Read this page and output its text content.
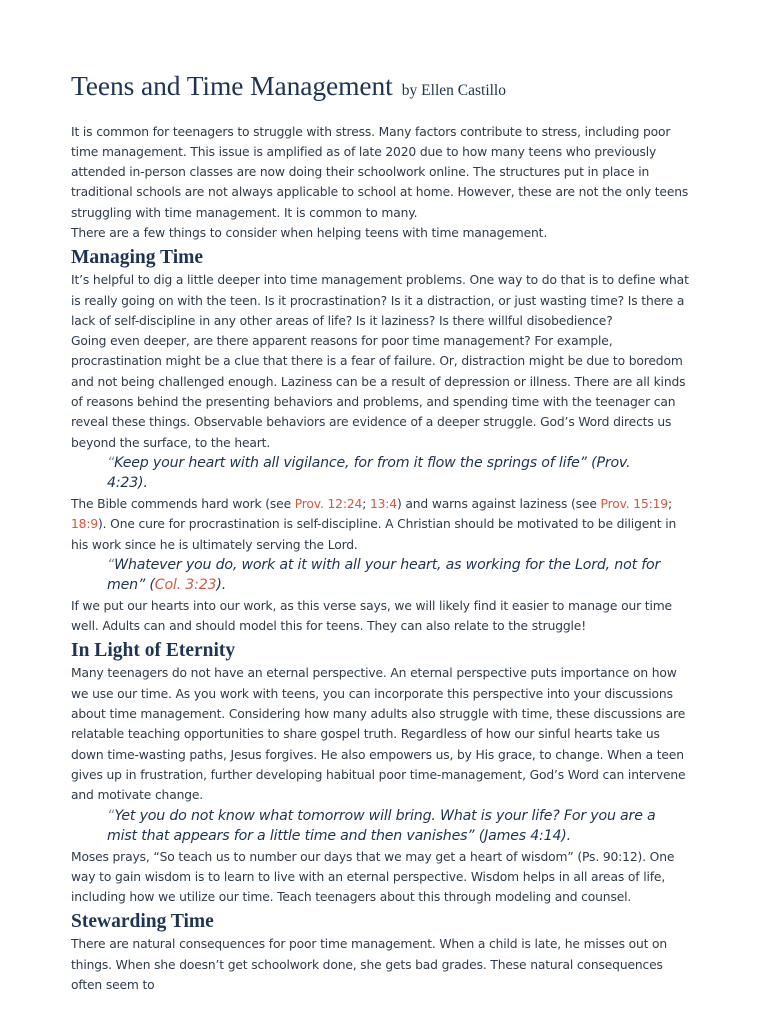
Teens and Time Management by Ellen Castillo

It is common for teenagers to struggle with stress. Many factors contribute to stress, including poor time management. This issue is amplified as of late 2020 due to how many teens who previously attended in-person classes are now doing their schoolwork online. The structures put in place in traditional schools are not always applicable to school at home. However, these are not the only teens struggling with time management. It is common to many.

There are a few things to consider when helping teens with time management.

Managing Time

It’s helpful to dig a little deeper into time management problems. One way to do that is to define what is really going on with the teen. Is it procrastination? Is it a distraction, or just wasting time? Is there a lack of self-discipline in any other areas of life? Is it laziness? Is there willful disobedience?

Going even deeper, are there apparent reasons for poor time management? For example, procrastination might be a clue that there is a fear of failure. Or, distraction might be due to boredom and not being challenged enough. Laziness can be a result of depression or illness. There are all kinds of reasons behind the presenting behaviors and problems, and spending time with the teenager can reveal these things. Observable behaviors are evidence of a deeper struggle. God’s Word directs us beyond the surface, to the heart.

“Keep your heart with all vigilance, for from it flow the springs of life” (Prov. 4:23).

The Bible commends hard work (see Prov. 12:24; 13:4) and warns against laziness (see Prov. 15:19; 18:9). One cure for procrastination is self-discipline. A Christian should be motivated to be diligent in his work since he is ultimately serving the Lord.

“Whatever you do, work at it with all your heart, as working for the Lord, not for men” (Col. 3:23).

If we put our hearts into our work, as this verse says, we will likely find it easier to manage our time well. Adults can and should model this for teens. They can also relate to the struggle!

In Light of Eternity

Many teenagers do not have an eternal perspective. An eternal perspective puts importance on how we use our time. As you work with teens, you can incorporate this perspective into your discussions about time management. Considering how many adults also struggle with time, these discussions are relatable teaching opportunities to share gospel truth. Regardless of how our sinful hearts take us down time-wasting paths, Jesus forgives. He also empowers us, by His grace, to change. When a teen gives up in frustration, further developing habitual poor time-management, God’s Word can intervene and motivate change.

“Yet you do not know what tomorrow will bring. What is your life? For you are a mist that appears for a little time and then vanishes” (James 4:14).

Moses prays, “So teach us to number our days that we may get a heart of wisdom” (Ps. 90:12). One way to gain wisdom is to learn to live with an eternal perspective. Wisdom helps in all areas of life, including how we utilize our time. Teach teenagers about this through modeling and counsel.

Stewarding Time

There are natural consequences for poor time management. When a child is late, he misses out on things. When she doesn’t get schoolwork done, she gets bad grades. These natural consequences often seem to
